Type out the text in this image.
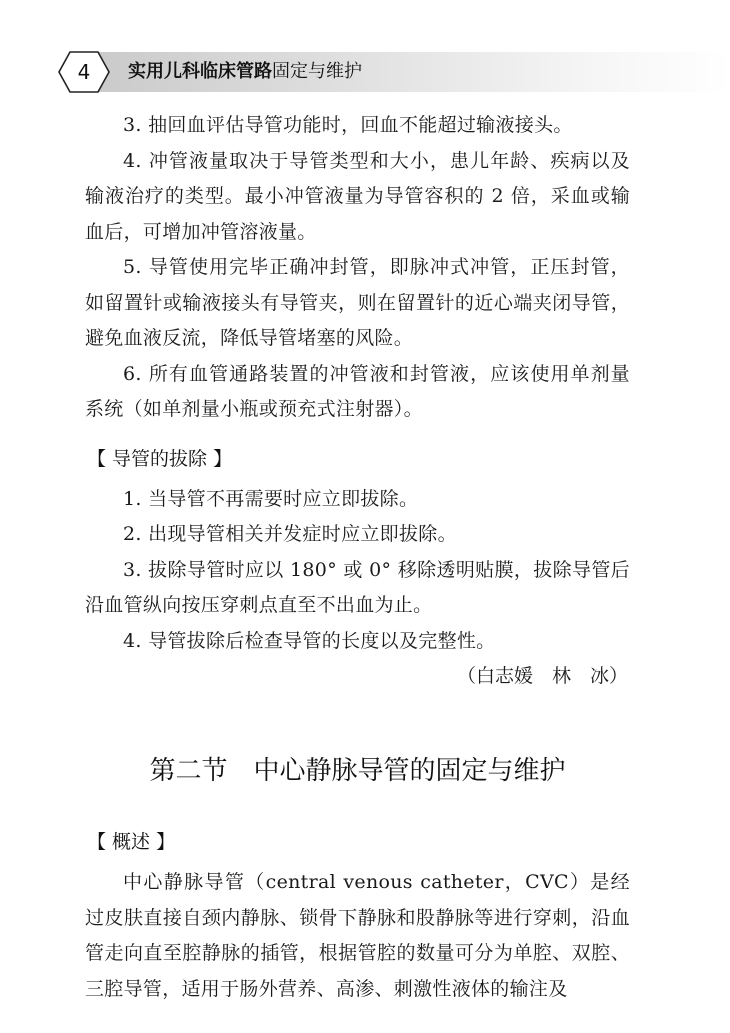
4	实用儿科临床管路固定与维护

3. 抽回血评估导管功能时，回血不能超过输液接头。

4. 冲管液量取决于导管类型和大小，患儿年龄、疾病以及输液治疗的类型。最小冲管液量为导管容积的 2 倍，采血或输血后，可增加冲管溶液量。

5. 导管使用完毕正确冲封管，即脉冲式冲管，正压封管，如留置针或输液接头有导管夹，则在留置针的近心端夹闭导管，避免血液反流，降低导管堵塞的风险。

6. 所有血管通路装置的冲管液和封管液，应该使用单剂量系统（如单剂量小瓶或预充式注射器）。

【 导管的拔除 】

1. 当导管不再需要时应立即拔除。

2. 出现导管相关并发症时应立即拔除。

3. 拔除导管时应以 180° 或 0° 移除透明贴膜，拔除导管后沿血管纵向按压穿刺点直至不出血为止。

4. 导管拔除后检查导管的长度以及完整性。

（白志媛　林　冰）
第二节　中心静脉导管的固定与维护
【 概述 】

中心静脉导管（central venous catheter，CVC）是经过皮肤直接自颈内静脉、锁骨下静脉和股静脉等进行穿刺，沿血管走向直至腔静脉的插管，根据管腔的数量可分为单腔、双腔、三腔导管，适用于肠外营养、高渗、刺激性液体的输注及
